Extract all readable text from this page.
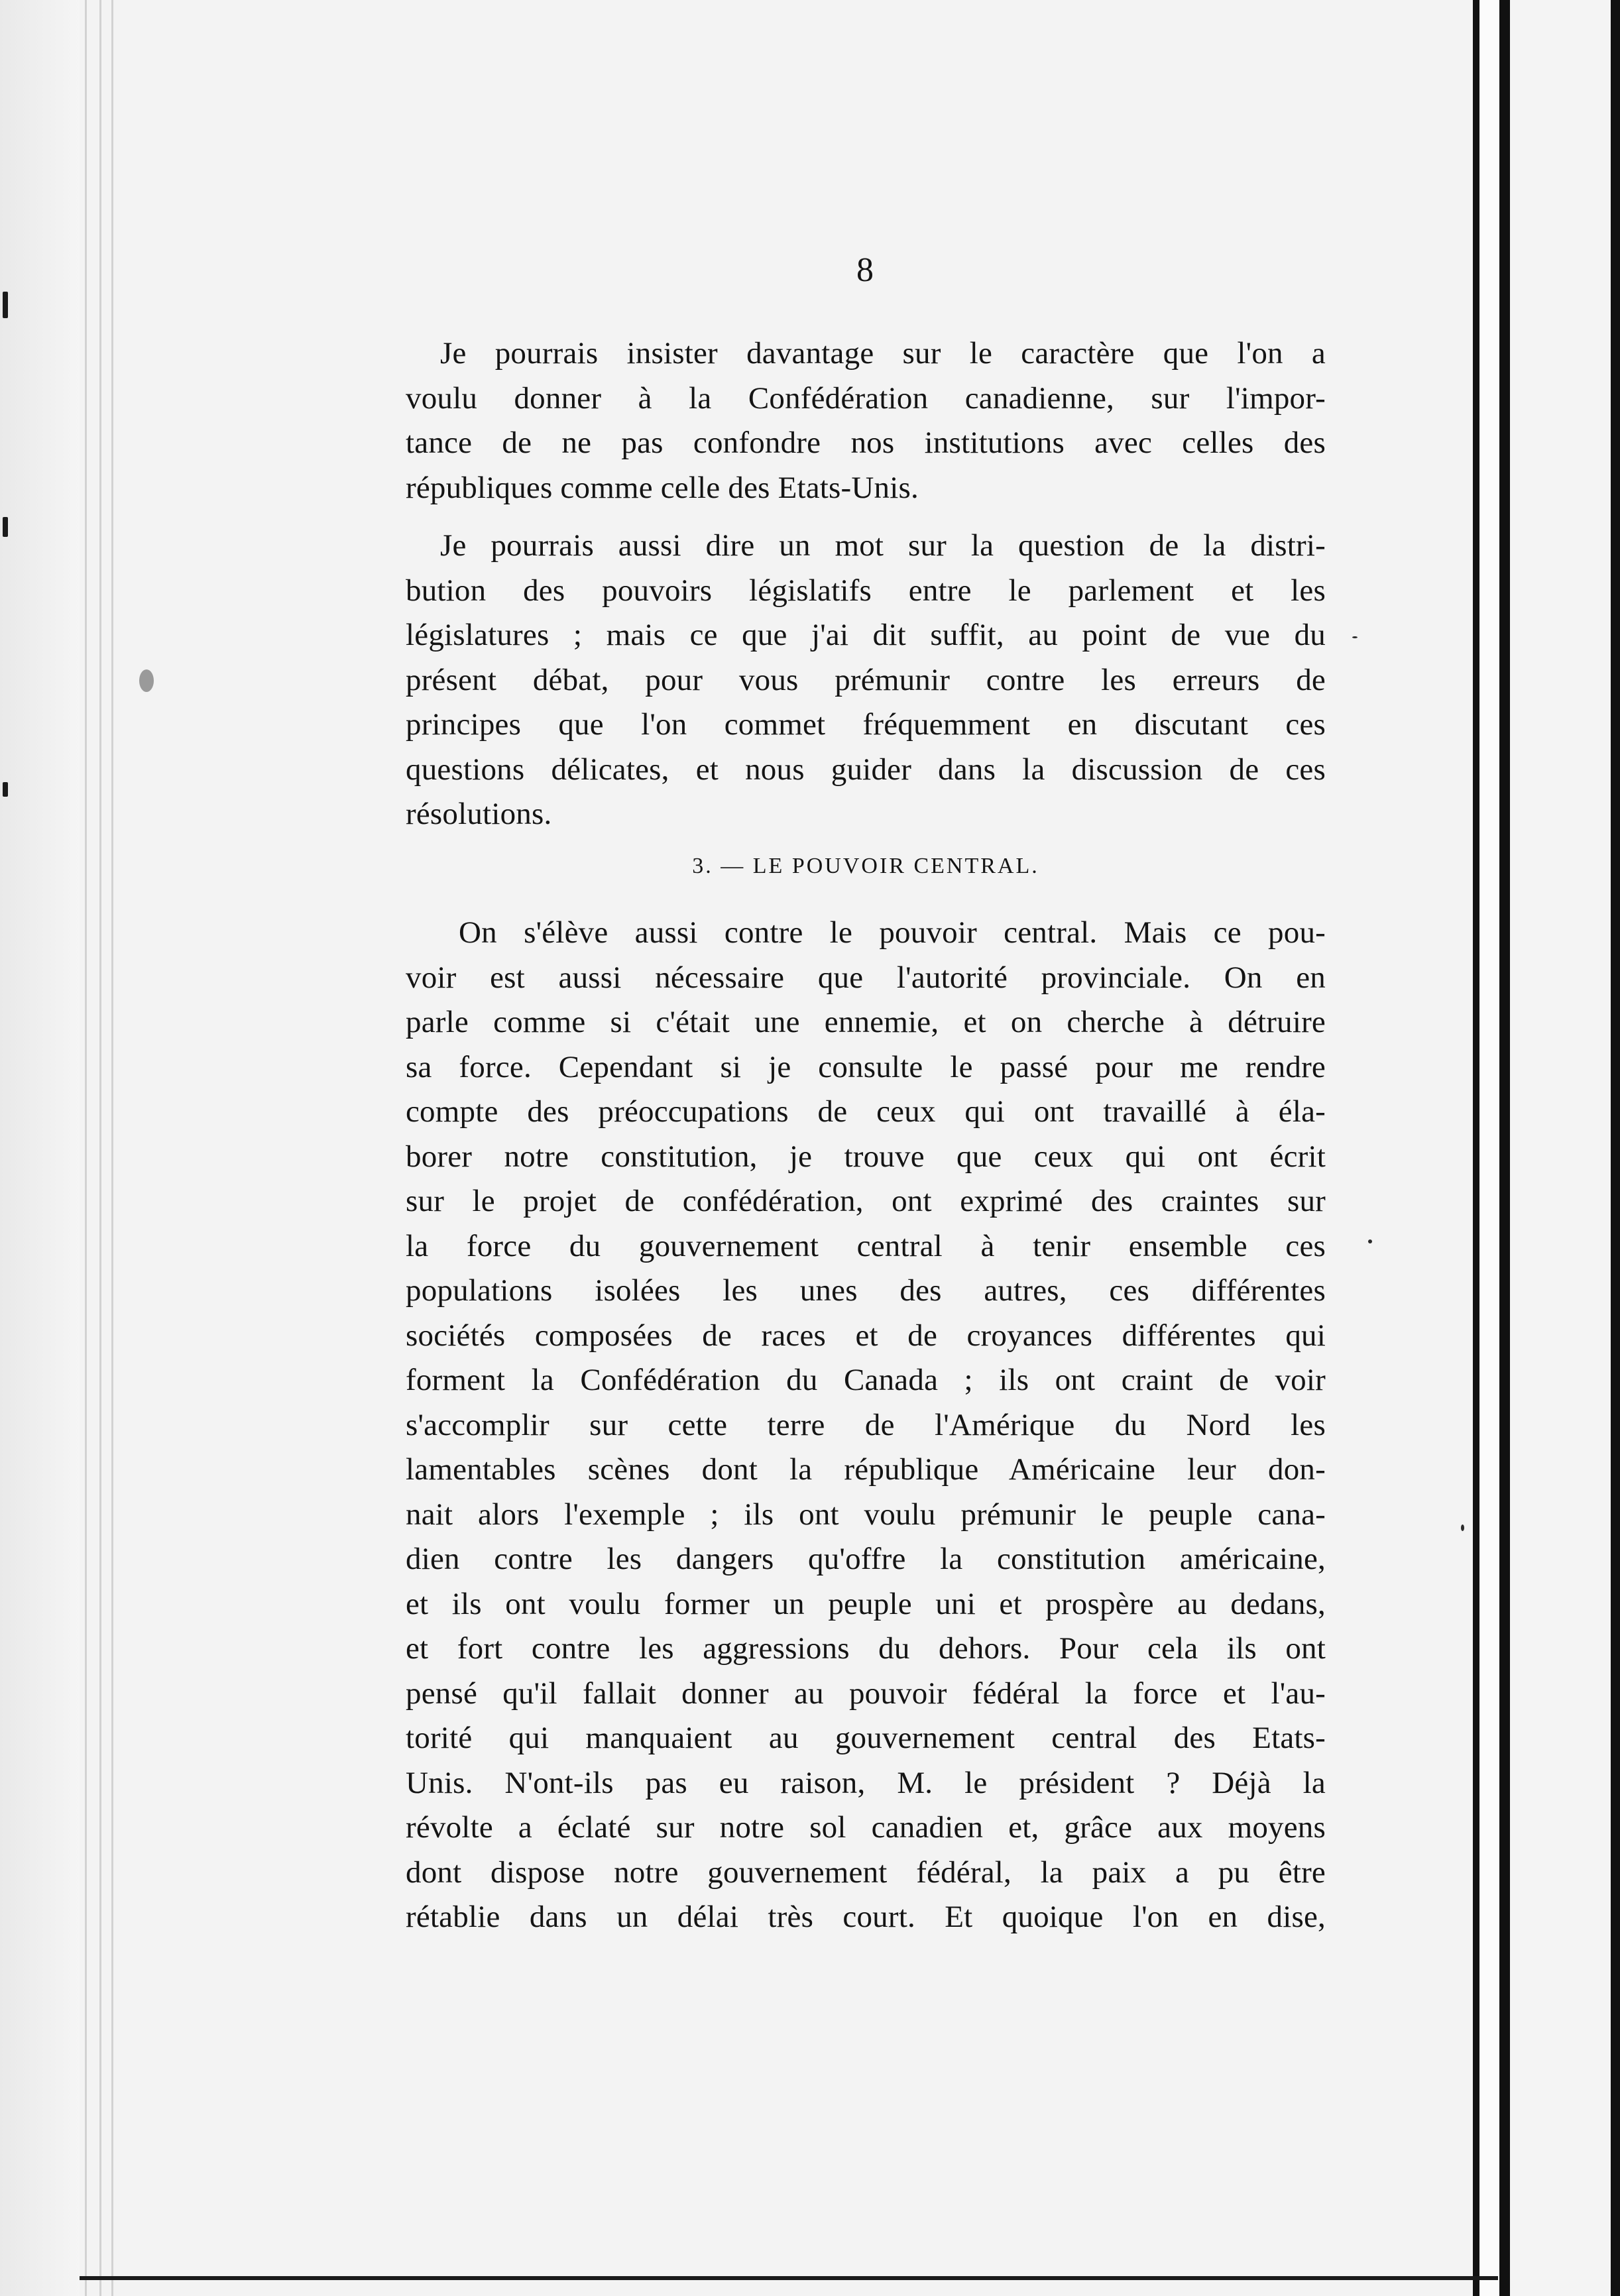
8
Je pourrais insister davantage sur le caractère que l'on a
voulu donner à la Confédération canadienne, sur l'impor-
tance de ne pas confondre nos institutions avec celles des
républiques comme celle des Etats-Unis.
Je pourrais aussi dire un mot sur la question de la distri-
bution des pouvoirs législatifs entre le parlement et les
législatures ; mais ce que j'ai dit suffit, au point de vue du
présent débat, pour vous prémunir contre les erreurs de
principes que l'on commet fréquemment en discutant ces
questions délicates, et nous guider dans la discussion de ces
résolutions.
3. — LE POUVOIR CENTRAL.
On s'élève aussi contre le pouvoir central. Mais ce pou-
voir est aussi nécessaire que l'autorité provinciale. On en
parle comme si c'était une ennemie, et on cherche à détruire
sa force. Cependant si je consulte le passé pour me rendre
compte des préoccupations de ceux qui ont travaillé à éla-
borer notre constitution, je trouve que ceux qui ont écrit
sur le projet de confédération, ont exprimé des craintes sur
la force du gouvernement central à tenir ensemble ces
populations isolées les unes des autres, ces différentes
sociétés composées de races et de croyances différentes qui
forment la Confédération du Canada ; ils ont craint de voir
s'accomplir sur cette terre de l'Amérique du Nord les
lamentables scènes dont la république Américaine leur don-
nait alors l'exemple ; ils ont voulu prémunir le peuple cana-
dien contre les dangers qu'offre la constitution américaine,
et ils ont voulu former un peuple uni et prospère au dedans,
et fort contre les aggressions du dehors. Pour cela ils ont
pensé qu'il fallait donner au pouvoir fédéral la force et l'au-
torité qui manquaient au gouvernement central des Etats-
Unis. N'ont-ils pas eu raison, M. le président ? Déjà la
révolte a éclaté sur notre sol canadien et, grâce aux moyens
dont dispose notre gouvernement fédéral, la paix a pu être
rétablie dans un délai très court. Et quoique l'on en dise,
